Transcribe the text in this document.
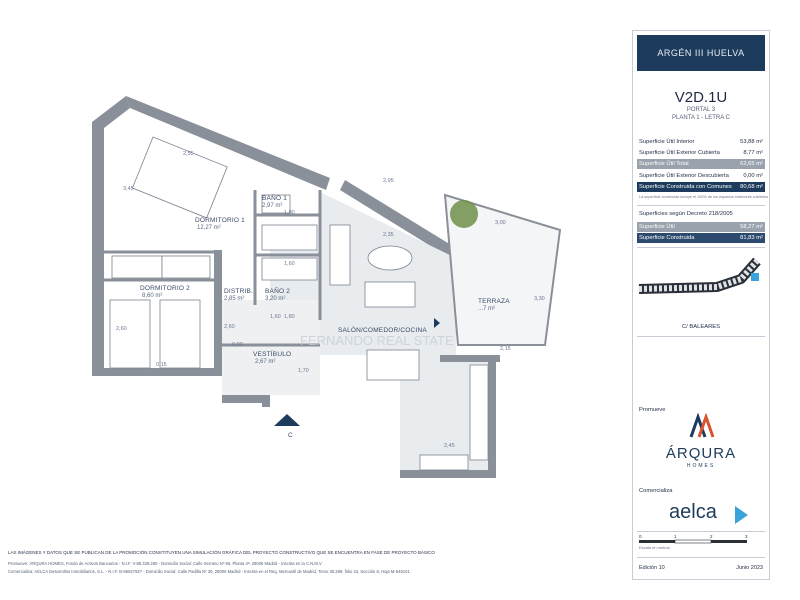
C
FERNANDO REAL STATE
DORMITORIO 1
12,27 m²
BAÑO 1
2,97 m²
DORMITORIO 2
8,60 m²
DISTRIB.
2,85 m²
BAÑO 2
3,20 m²
VESTÍBULO
2,67 m²
SALÓN/COMEDOR/COCINA
TERRAZA
...7 m²
2,55
3,45
1,80
1,60
1,60
2,60	2,60
0,90
1,80
1,70
2,45
3,00
3,30
2,15
2,35
0,15
2,95
ARGÉN III HUELVA
V2D.1U
PORTAL 3
PLANTA 1 - LETRA C
Superficie Útil Interior	53,88 m²
Superficie Útil Exterior Cubierta	8,77 m²
Superficie Útil Total	62,65 m²
Superficie Útil Exterior Descubierta 0,00 m²
Superficie Construida con Comunes 80,68 m²
La superficie construida incluye el 100% de los espacios exteriores cubiertos
Superficies según Decreto 218/2005
Superficie Útil	58,27 m²
Superficie Construida	81,83 m²
C/ BALEARES
Promueve
ÁRQURA
HOMES
Comercializa
aelca
0	1	2	3
Escala en metros
Edición 10	Junio 2023
LAS IMÁGENES Y DATOS QUE SE PUBLICAN DE LA PROMOCIÓN CONSTITUYEN UNA SIMULACIÓN GRÁFICA DEL PROYECTO CONSTRUCTIVO QUE SE ENCUENTRA EN FASE DE PROYECTO BÁSICO
Promueve: ÁRQURA HOMES, Fondo de Activos Bancarios - N.I.F. V-88.339.280 - Domicilio Social: Calle Serrano Nº 86, Planta 4ª, 28006 Madrid - Inscrita en la C.N.M.V
Comercializa: AELCA Desarrollos Inmobiliarios, S.L. - N.I.F. B-86547927 - Domicilio Social: Calle Padilla Nº 30, 28006 Madrid - Inscrita en el Reg. Mercantil de Madrid, Tomo 30.289, folio 24, Sección 8, Hoja M-545101
